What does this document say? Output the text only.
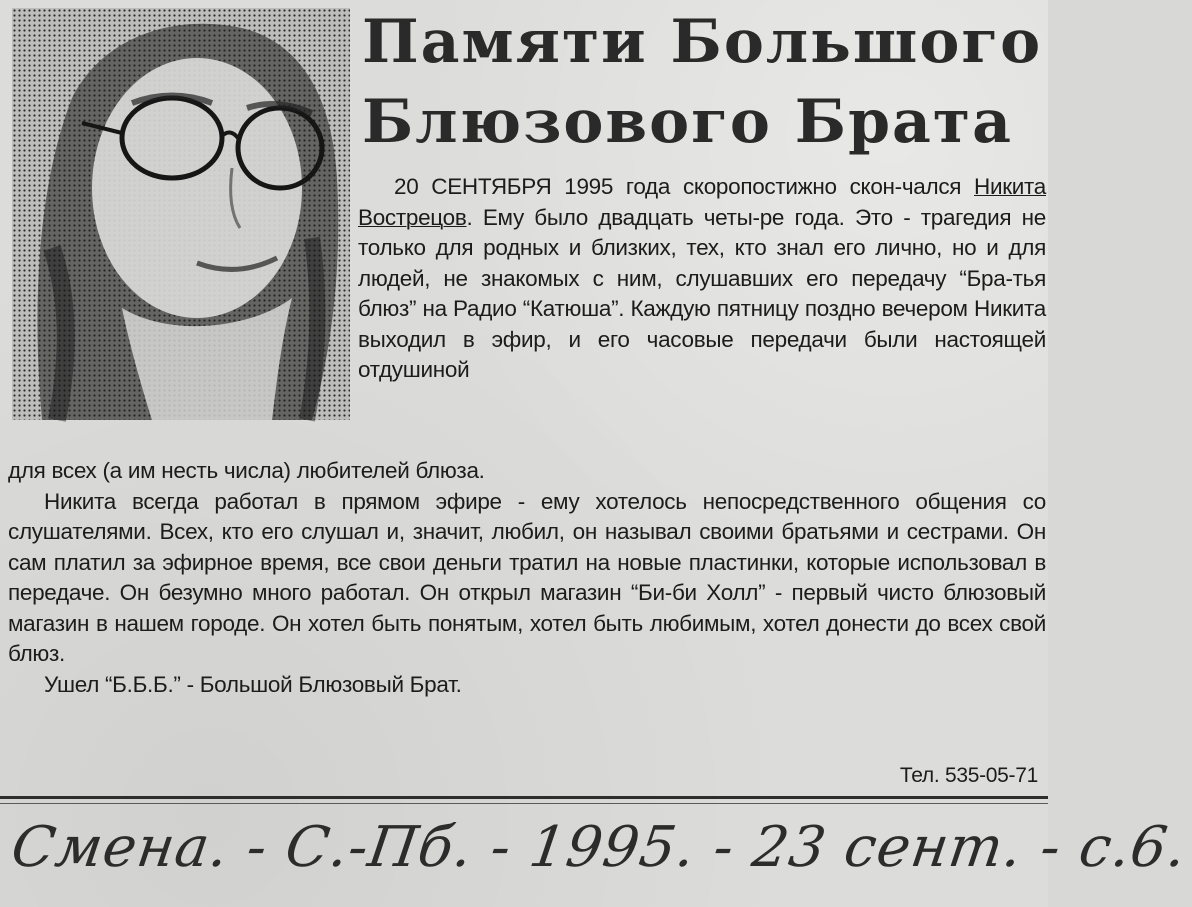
Памяти Большого
Блюзового Брата
20 СЕНТЯБРЯ 1995 года скоропостижно скон-чался Никита Вострецов. Ему было двадцать четы-ре года. Это - трагедия не только для родных и близких, тех, кто знал его лично, но и для людей, не знакомых с ним, слушавших его передачу “Бра-тья блюз” на Радио “Катюша”. Каждую пятницу поздно вечером Никита выходил в эфир, и его часовые передачи были настоящей отдушиной

для всех (а им несть числа) любителей блюза.

Никита всегда работал в прямом эфире - ему хотелось непосредственного общения со слушателями. Всех, кто его слушал и, значит, любил, он называл своими братьями и сестрами. Он сам платил за эфирное время, все свои деньги тратил на новые пластинки, которые использовал в передаче. Он безумно много работал. Он открыл магазин “Би-би Холл” - первый чисто блюзовый магазин в нашем городе. Он хотел быть понятым, хотел быть любимым, хотел донести до всех свой блюз.

Ушел “Б.Б.Б.” - Большой Блюзовый Брат.

Тел. 535-05-71
Смена. - С.-Пб. - 1995. - 23 сент. - с.6.
